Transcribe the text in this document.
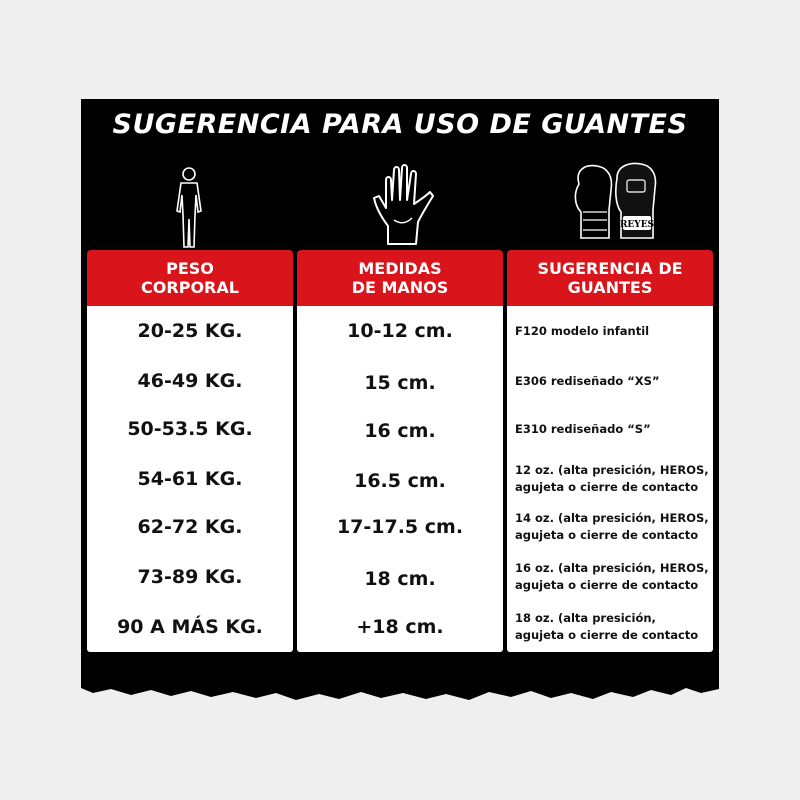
SUGERENCIA PARA USO DE GUANTES
REYES
PESO
CORPORAL
20-25 KG.
46-49 KG.
50-53.5 KG.
54-61 KG.
62-72 KG.
73-89 KG.
90 A MÁS KG.
MEDIDAS
DE MANOS
10-12 cm.
15 cm.
16 cm.
16.5 cm.
17-17.5 cm.
18 cm.
+18 cm.
SUGERENCIA DE
GUANTES
F120 modelo infantil
E306 rediseñado “XS”
E310 rediseñado “S”
12 oz. (alta presición, HEROS,
agujeta o cierre de contacto
14 oz. (alta presición, HEROS,
agujeta o cierre de contacto
16 oz. (alta presición, HEROS,
agujeta o cierre de contacto
18 oz. (alta presición,
agujeta o cierre de contacto
